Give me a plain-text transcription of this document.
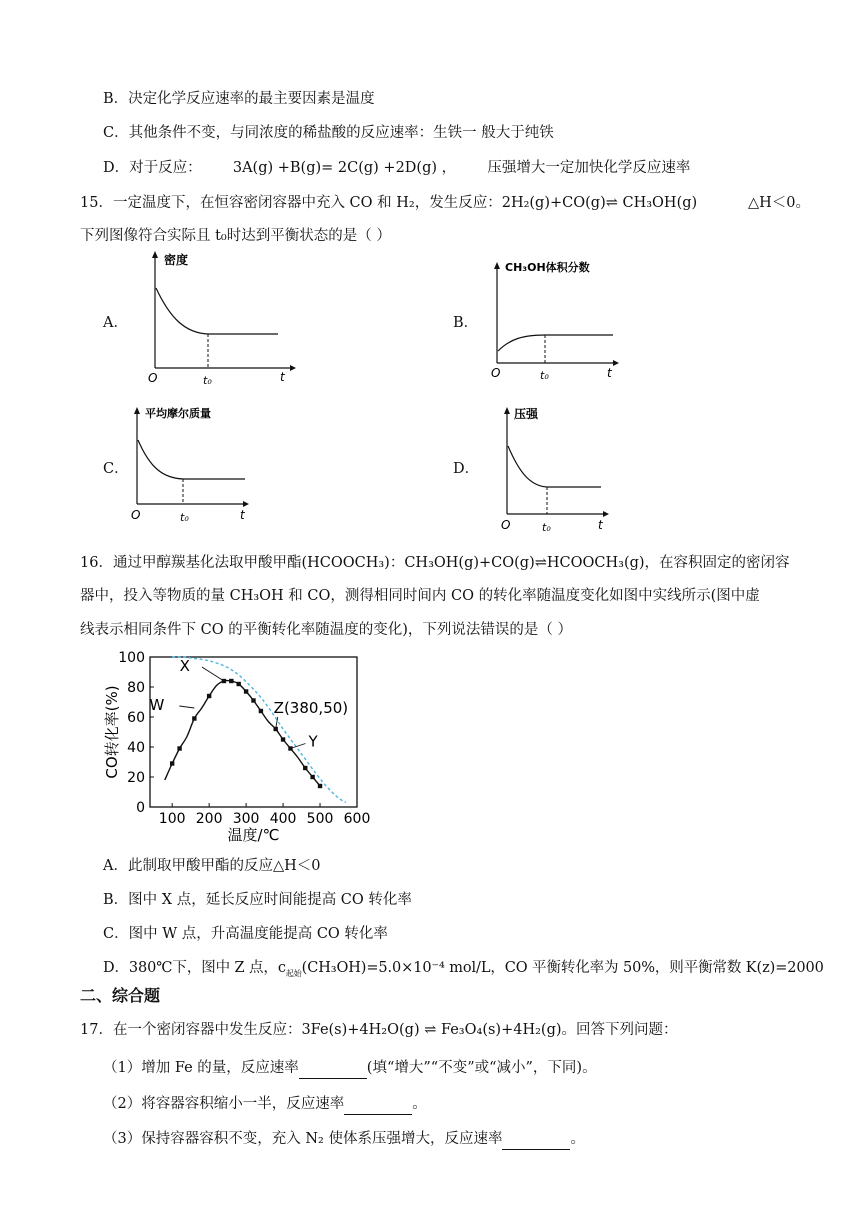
B．决定化学反应速率的最主要因素是温度
C．其他条件不变，与同浓度的稀盐酸的反应速率：生铁一 般大于纯铁
D．对于反应： 3A(g) +B(g)= 2C(g) +2D(g) ， 压强增大一定加快化学反应速率
15．一定温度下，在恒容密闭容器中充入 CO 和 H₂，发生反应：2H₂(g)+CO(g)⇌ CH₃OH(g)	△H＜0。
下列图像符合实际且 t₀时达到平衡状态的是（ ）
A．
密度
O	t₀	t
B．
CH₃OH体积分数
O	t₀	t
C．
平均摩尔质量
O	t₀	t
D．
压强
O	t₀	t
16．通过甲醇羰基化法取甲酸甲酯(HCOOCH₃)：CH₃OH(g)+CO(g)⇌HCOOCH₃(g)，在容积固定的密闭容
器中，投入等物质的量 CH₃OH 和 CO，测得相同时间内 CO 的转化率随温度变化如图中实线所示(图中虚
线表示相同条件下 CO 的平衡转化率随温度的变化)，下列说法错误的是（ ）
100 200 300 400 500 600
0
20
40
60
80
100 X
W	Z(380,50)
Y
CO转化率(%)
温度/℃
A．此制取甲酸甲酯的反应△H＜0
B．图中 X 点，延长反应时间能提高 CO 转化率
C．图中 W 点，升高温度能提高 CO 转化率
D．380℃下，图中 Z 点，$c_{起始}(CH_3OH)=5.0\times 10^{-4}$ mol/L，CO 平衡转化率为 50%，则平衡常数 K(z)=2000
二、综合题
17．在一个密闭容器中发生反应：3Fe(s)+4H₂O(g) ⇌ Fe₃O₄(s)+4H₂(g)。回答下列问题：
（1）增加 Fe 的量，反应速率	(填“增大”“不变”或“减小”，下同)。
（2）将容器容积缩小一半，反应速率	。
（3）保持容器容积不变，充入 N₂ 使体系压强增大，反应速率	。
